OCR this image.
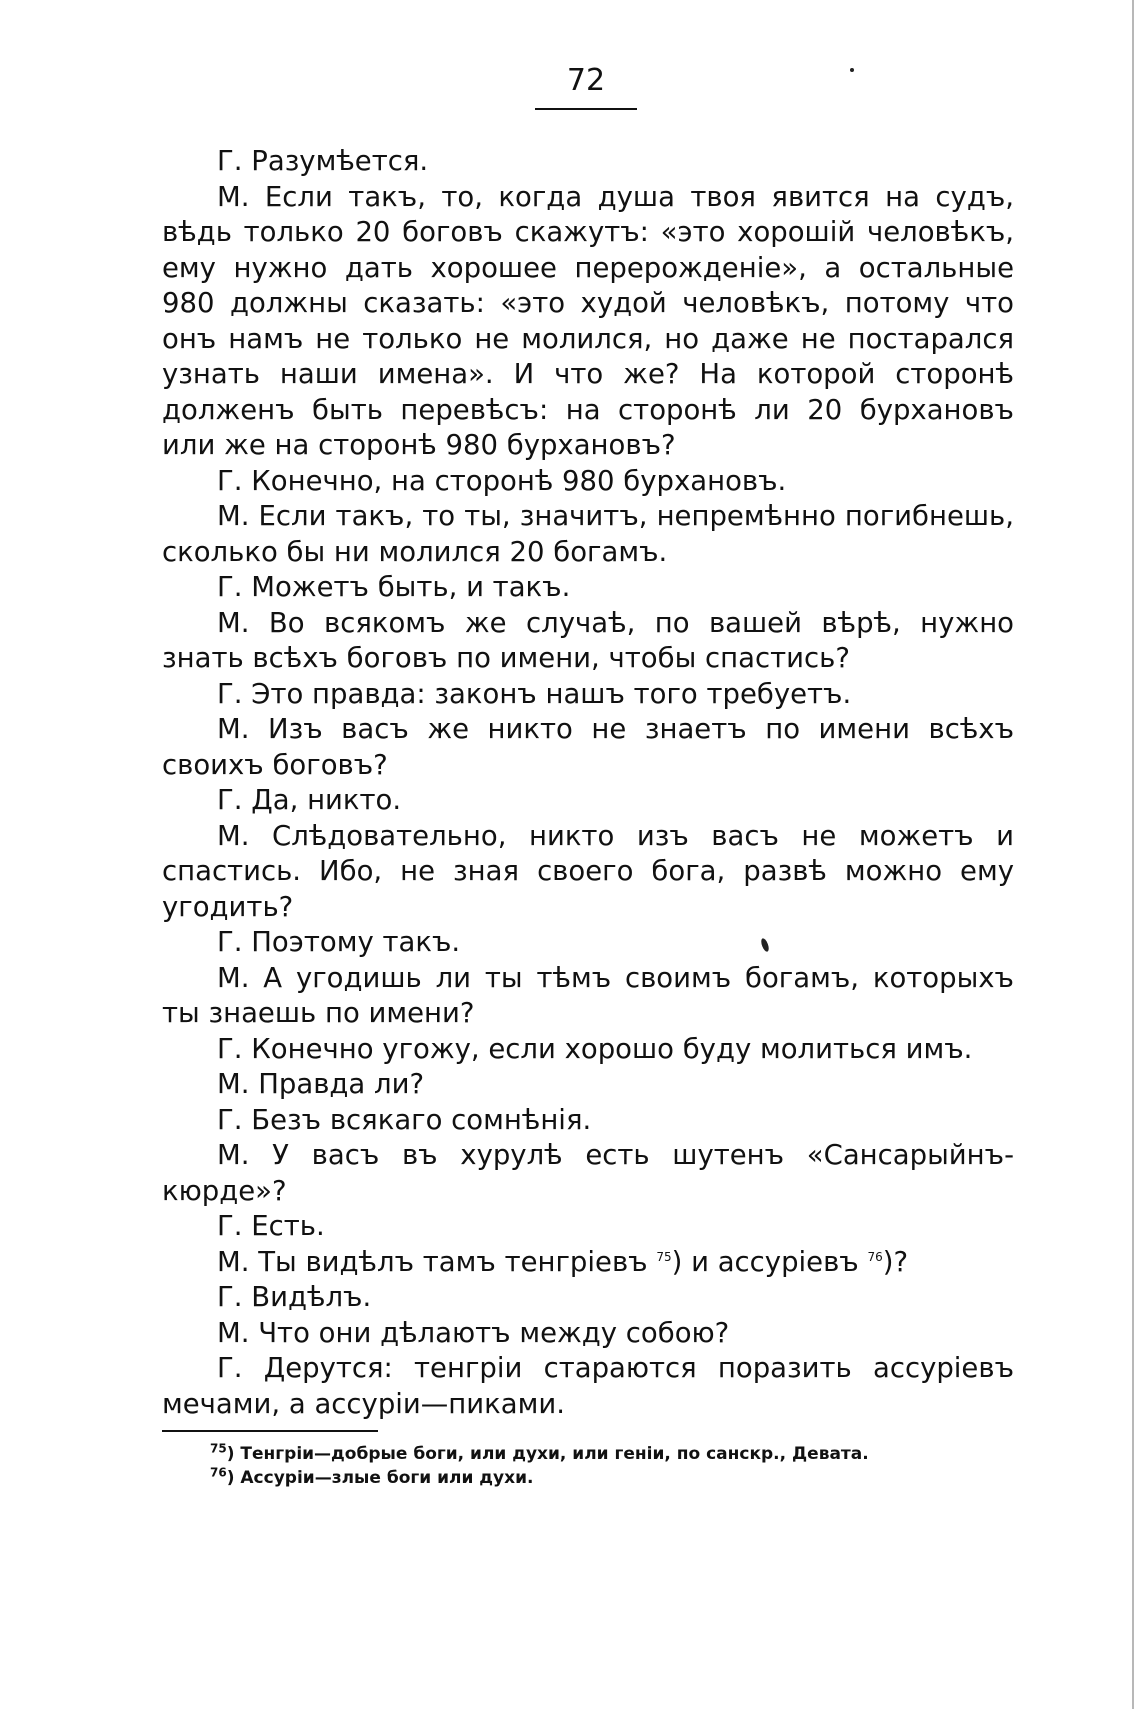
72

Г. Разумѣется.

М. Если такъ, то, когда душа твоя явится на судъ, вѣдь только 20 боговъ скажутъ: «это хорошій человѣкъ, ему нужно дать хорошее перерожденіе», а остальные 980 должны сказать: «это худой человѣкъ, потому что онъ намъ не только не молился, но даже не постарался узнать наши имена». И что же? На которой сторонѣ долженъ быть перевѣсъ: на сторонѣ ли 20 бурхановъ или же на сторонѣ 980 бурхановъ?

Г. Конечно, на сторонѣ 980 бурхановъ.

М. Если такъ, то ты, значитъ, непремѣнно погибнешь, сколько бы ни молился 20 богамъ.

Г. Можетъ быть, и такъ.

М. Во всякомъ же случаѣ, по вашей вѣрѣ, нужно знать всѣхъ боговъ по имени, чтобы спастись?

Г. Это правда: законъ нашъ того требуетъ.

М. Изъ васъ же никто не знаетъ по имени всѣхъ своихъ боговъ?

Г. Да, никто.

М. Слѣдовательно, никто изъ васъ не можетъ и спастись. Ибо, не зная своего бога, развѣ можно ему угодить?

Г. Поэтому такъ.

М. А угодишь ли ты тѣмъ своимъ богамъ, которыхъ ты знаешь по имени?

Г. Конечно угожу, если хорошо буду молиться имъ.

М. Правда ли?

Г. Безъ всякаго сомнѣнія.

М. У васъ въ хурулѣ есть шутенъ «Сансарыйнъ-кюрде»?

Г. Есть.

М. Ты видѣлъ тамъ тенгріевъ $^{75}$) и ассуріевъ $^{76}$)?

Г. Видѣлъ.

М. Что они дѣлаютъ между собою?

Г. Дерутся: тенгріи стараются поразить ассуріевъ мечами, а ассуріи—пиками.

$^{75}$) Тенгріи—добрые боги, или духи, или геніи, по санскр., Девата.

$^{76}$) Ассуріи—злые боги или духи.
